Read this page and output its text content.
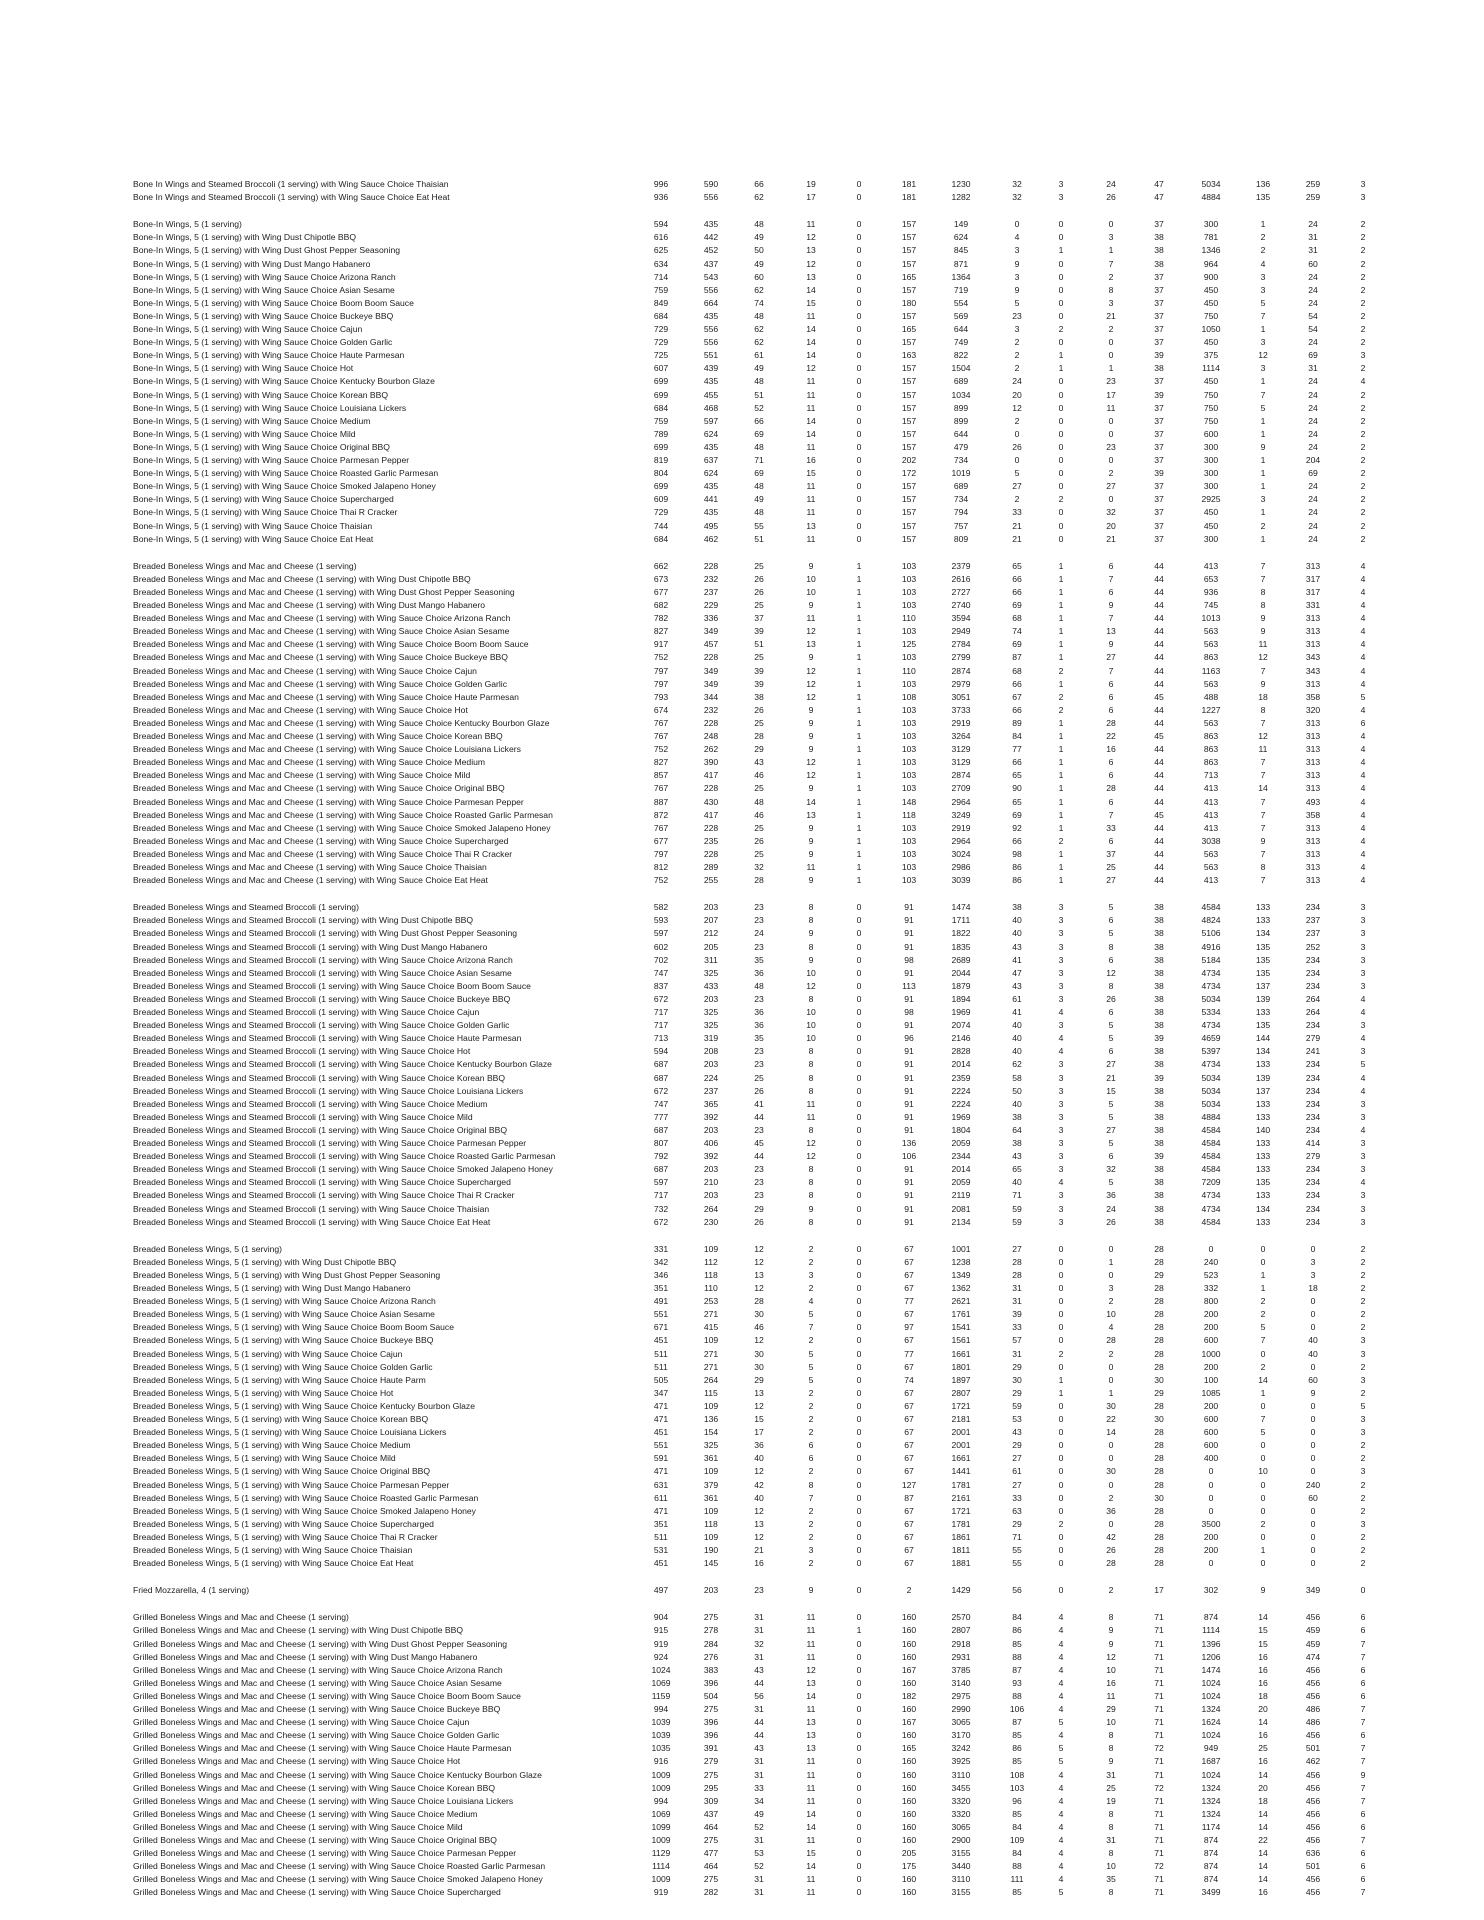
Bone In Wings and Steamed Broccoli (1 serving) with Wing Sauce Choice Thaisian	996	590	66	19	0	181	1230	32	3	24	47	5034	136	259	3
Bone In Wings and Steamed Broccoli (1 serving) with Wing Sauce Choice Eat Heat	936	556	62	17	0	181	1282	32	3	26	47	4884	135	259	3
Bone-In Wings, 5 (1 serving)	594	435	48	11	0	157	149	0	0	0	37	300	1	24	2
Bone-In Wings, 5 (1 serving) with Wing Dust Chipotle BBQ	616	442	49	12	0	157	624	4	0	3	38	781	2	31	2
Bone-In Wings, 5 (1 serving) with Wing Dust Ghost Pepper Seasoning	625	452	50	13	0	157	845	3	1	1	38	1346	2	31	2
Bone-In Wings, 5 (1 serving) with Wing Dust Mango Habanero	634	437	49	12	0	157	871	9	0	7	38	964	4	60	2
Bone-In Wings, 5 (1 serving) with Wing Sauce Choice Arizona Ranch	714	543	60	13	0	165	1364	3	0	2	37	900	3	24	2
Bone-In Wings, 5 (1 serving) with Wing Sauce Choice Asian Sesame	759	556	62	14	0	157	719	9	0	8	37	450	3	24	2
Bone-In Wings, 5 (1 serving) with Wing Sauce Choice Boom Boom Sauce	849	664	74	15	0	180	554	5	0	3	37	450	5	24	2
Bone-In Wings, 5 (1 serving) with Wing Sauce Choice Buckeye BBQ	684	435	48	11	0	157	569	23	0	21	37	750	7	54	2
Bone-In Wings, 5 (1 serving) with Wing Sauce Choice Cajun	729	556	62	14	0	165	644	3	2	2	37	1050	1	54	2
Bone-In Wings, 5 (1 serving) with Wing Sauce Choice Golden Garlic	729	556	62	14	0	157	749	2	0	0	37	450	3	24	2
Bone-In Wings, 5 (1 serving) with Wing Sauce Choice Haute Parmesan	725	551	61	14	0	163	822	2	1	0	39	375	12	69	3
Bone-In Wings, 5 (1 serving) with Wing Sauce Choice Hot	607	439	49	12	0	157	1504	2	1	1	38	1114	3	31	2
Bone-In Wings, 5 (1 serving) with Wing Sauce Choice Kentucky Bourbon Glaze	699	435	48	11	0	157	689	24	0	23	37	450	1	24	4
Bone-In Wings, 5 (1 serving) with Wing Sauce Choice Korean BBQ	699	455	51	11	0	157	1034	20	0	17	39	750	7	24	2
Bone-In Wings, 5 (1 serving) with Wing Sauce Choice Louisiana Lickers	684	468	52	11	0	157	899	12	0	11	37	750	5	24	2
Bone-In Wings, 5 (1 serving) with Wing Sauce Choice Medium	759	597	66	14	0	157	899	2	0	0	37	750	1	24	2
Bone-In Wings, 5 (1 serving) with Wing Sauce Choice Mild	789	624	69	14	0	157	644	0	0	0	37	600	1	24	2
Bone-In Wings, 5 (1 serving) with Wing Sauce Choice Original BBQ	699	435	48	11	0	157	479	26	0	23	37	300	9	24	2
Bone-In Wings, 5 (1 serving) with Wing Sauce Choice Parmesan Pepper	819	637	71	16	0	202	734	0	0	0	37	300	1	204	2
Bone-In Wings, 5 (1 serving) with Wing Sauce Choice Roasted Garlic Parmesan	804	624	69	15	0	172	1019	5	0	2	39	300	1	69	2
Bone-In Wings, 5 (1 serving) with Wing Sauce Choice Smoked Jalapeno Honey	699	435	48	11	0	157	689	27	0	27	37	300	1	24	2
Bone-In Wings, 5 (1 serving) with Wing Sauce Choice Supercharged	609	441	49	11	0	157	734	2	2	0	37	2925	3	24	2
Bone-In Wings, 5 (1 serving) with Wing Sauce Choice Thai R Cracker	729	435	48	11	0	157	794	33	0	32	37	450	1	24	2
Bone-In Wings, 5 (1 serving) with Wing Sauce Choice Thaisian	744	495	55	13	0	157	757	21	0	20	37	450	2	24	2
Bone-In Wings, 5 (1 serving) with Wing Sauce Choice Eat Heat	684	462	51	11	0	157	809	21	0	21	37	300	1	24	2
Breaded Boneless Wings and Mac and Cheese (1 serving)	662	228	25	9	1	103	2379	65	1	6	44	413	7	313	4
Breaded Boneless Wings and Mac and Cheese (1 serving) with Wing Dust Chipotle BBQ	673	232	26	10	1	103	2616	66	1	7	44	653	7	317	4
Breaded Boneless Wings and Mac and Cheese (1 serving) with Wing Dust Ghost Pepper Seasoning	677	237	26	10	1	103	2727	66	1	6	44	936	8	317	4
Breaded Boneless Wings and Mac and Cheese (1 serving) with Wing Dust Mango Habanero	682	229	25	9	1	103	2740	69	1	9	44	745	8	331	4
Breaded Boneless Wings and Mac and Cheese (1 serving) with Wing Sauce Choice Arizona Ranch	782	336	37	11	1	110	3594	68	1	7	44	1013	9	313	4
Breaded Boneless Wings and Mac and Cheese (1 serving) with Wing Sauce Choice Asian Sesame	827	349	39	12	1	103	2949	74	1	13	44	563	9	313	4
Breaded Boneless Wings and Mac and Cheese (1 serving) with Wing Sauce Choice Boom Boom Sauce	917	457	51	13	1	125	2784	69	1	9	44	563	11	313	4
Breaded Boneless Wings and Mac and Cheese (1 serving) with Wing Sauce Choice Buckeye BBQ	752	228	25	9	1	103	2799	87	1	27	44	863	12	343	4
Breaded Boneless Wings and Mac and Cheese (1 serving) with Wing Sauce Choice Cajun	797	349	39	12	1	110	2874	68	2	7	44	1163	7	343	4
Breaded Boneless Wings and Mac and Cheese (1 serving) with Wing Sauce Choice Golden Garlic	797	349	39	12	1	103	2979	66	1	6	44	563	9	313	4
Breaded Boneless Wings and Mac and Cheese (1 serving) with Wing Sauce Choice Haute Parmesan	793	344	38	12	1	108	3051	67	2	6	45	488	18	358	5
Breaded Boneless Wings and Mac and Cheese (1 serving) with Wing Sauce Choice Hot	674	232	26	9	1	103	3733	66	2	6	44	1227	8	320	4
Breaded Boneless Wings and Mac and Cheese (1 serving) with Wing Sauce Choice Kentucky Bourbon Glaze	767	228	25	9	1	103	2919	89	1	28	44	563	7	313	6
Breaded Boneless Wings and Mac and Cheese (1 serving) with Wing Sauce Choice Korean BBQ	767	248	28	9	1	103	3264	84	1	22	45	863	12	313	4
Breaded Boneless Wings and Mac and Cheese (1 serving) with Wing Sauce Choice Louisiana Lickers	752	262	29	9	1	103	3129	77	1	16	44	863	11	313	4
Breaded Boneless Wings and Mac and Cheese (1 serving) with Wing Sauce Choice Medium	827	390	43	12	1	103	3129	66	1	6	44	863	7	313	4
Breaded Boneless Wings and Mac and Cheese (1 serving) with Wing Sauce Choice Mild	857	417	46	12	1	103	2874	65	1	6	44	713	7	313	4
Breaded Boneless Wings and Mac and Cheese (1 serving) with Wing Sauce Choice Original BBQ	767	228	25	9	1	103	2709	90	1	28	44	413	14	313	4
Breaded Boneless Wings and Mac and Cheese (1 serving) with Wing Sauce Choice Parmesan Pepper	887	430	48	14	1	148	2964	65	1	6	44	413	7	493	4
Breaded Boneless Wings and Mac and Cheese (1 serving) with Wing Sauce Choice Roasted Garlic Parmesan	872	417	46	13	1	118	3249	69	1	7	45	413	7	358	4
Breaded Boneless Wings and Mac and Cheese (1 serving) with Wing Sauce Choice Smoked Jalapeno Honey	767	228	25	9	1	103	2919	92	1	33	44	413	7	313	4
Breaded Boneless Wings and Mac and Cheese (1 serving) with Wing Sauce Choice Supercharged	677	235	26	9	1	103	2964	66	2	6	44	3038	9	313	4
Breaded Boneless Wings and Mac and Cheese (1 serving) with Wing Sauce Choice Thai R Cracker	797	228	25	9	1	103	3024	98	1	37	44	563	7	313	4
Breaded Boneless Wings and Mac and Cheese (1 serving) with Wing Sauce Choice Thaisian	812	289	32	11	1	103	2986	86	1	25	44	563	8	313	4
Breaded Boneless Wings and Mac and Cheese (1 serving) with Wing Sauce Choice Eat Heat	752	255	28	9	1	103	3039	86	1	27	44	413	7	313	4
Breaded Boneless Wings and Steamed Broccoli (1 serving)	582	203	23	8	0	91	1474	38	3	5	38	4584	133	234	3
Breaded Boneless Wings and Steamed Broccoli (1 serving) with Wing Dust Chipotle BBQ	593	207	23	8	0	91	1711	40	3	6	38	4824	133	237	3
Breaded Boneless Wings and Steamed Broccoli (1 serving) with Wing Dust Ghost Pepper Seasoning	597	212	24	9	0	91	1822	40	3	5	38	5106	134	237	3
Breaded Boneless Wings and Steamed Broccoli (1 serving) with Wing Dust Mango Habanero	602	205	23	8	0	91	1835	43	3	8	38	4916	135	252	3
Breaded Boneless Wings and Steamed Broccoli (1 serving) with Wing Sauce Choice Arizona Ranch	702	311	35	9	0	98	2689	41	3	6	38	5184	135	234	3
Breaded Boneless Wings and Steamed Broccoli (1 serving) with Wing Sauce Choice Asian Sesame	747	325	36	10	0	91	2044	47	3	12	38	4734	135	234	3
Breaded Boneless Wings and Steamed Broccoli (1 serving) with Wing Sauce Choice Boom Boom Sauce	837	433	48	12	0	113	1879	43	3	8	38	4734	137	234	3
Breaded Boneless Wings and Steamed Broccoli (1 serving) with Wing Sauce Choice Buckeye BBQ	672	203	23	8	0	91	1894	61	3	26	38	5034	139	264	4
Breaded Boneless Wings and Steamed Broccoli (1 serving) with Wing Sauce Choice Cajun	717	325	36	10	0	98	1969	41	4	6	38	5334	133	264	4
Breaded Boneless Wings and Steamed Broccoli (1 serving) with Wing Sauce Choice Golden Garlic	717	325	36	10	0	91	2074	40	3	5	38	4734	135	234	3
Breaded Boneless Wings and Steamed Broccoli (1 serving) with Wing Sauce Choice Haute Parmesan	713	319	35	10	0	96	2146	40	4	5	39	4659	144	279	4
Breaded Boneless Wings and Steamed Broccoli (1 serving) with Wing Sauce Choice Hot	594	208	23	8	0	91	2828	40	4	6	38	5397	134	241	3
Breaded Boneless Wings and Steamed Broccoli (1 serving) with Wing Sauce Choice Kentucky Bourbon Glaze	687	203	23	8	0	91	2014	62	3	27	38	4734	133	234	5
Breaded Boneless Wings and Steamed Broccoli (1 serving) with Wing Sauce Choice Korean BBQ	687	224	25	8	0	91	2359	58	3	21	39	5034	139	234	4
Breaded Boneless Wings and Steamed Broccoli (1 serving) with Wing Sauce Choice Louisiana Lickers	672	237	26	8	0	91	2224	50	3	15	38	5034	137	234	4
Breaded Boneless Wings and Steamed Broccoli (1 serving) with Wing Sauce Choice Medium	747	365	41	11	0	91	2224	40	3	5	38	5034	133	234	3
Breaded Boneless Wings and Steamed Broccoli (1 serving) with Wing Sauce Choice Mild	777	392	44	11	0	91	1969	38	3	5	38	4884	133	234	3
Breaded Boneless Wings and Steamed Broccoli (1 serving) with Wing Sauce Choice Original BBQ	687	203	23	8	0	91	1804	64	3	27	38	4584	140	234	4
Breaded Boneless Wings and Steamed Broccoli (1 serving) with Wing Sauce Choice Parmesan Pepper	807	406	45	12	0	136	2059	38	3	5	38	4584	133	414	3
Breaded Boneless Wings and Steamed Broccoli (1 serving) with Wing Sauce Choice Roasted Garlic Parmesan	792	392	44	12	0	106	2344	43	3	6	39	4584	133	279	3
Breaded Boneless Wings and Steamed Broccoli (1 serving) with Wing Sauce Choice Smoked Jalapeno Honey	687	203	23	8	0	91	2014	65	3	32	38	4584	133	234	3
Breaded Boneless Wings and Steamed Broccoli (1 serving) with Wing Sauce Choice Supercharged	597	210	23	8	0	91	2059	40	4	5	38	7209	135	234	4
Breaded Boneless Wings and Steamed Broccoli (1 serving) with Wing Sauce Choice Thai R Cracker	717	203	23	8	0	91	2119	71	3	36	38	4734	133	234	3
Breaded Boneless Wings and Steamed Broccoli (1 serving) with Wing Sauce Choice Thaisian	732	264	29	9	0	91	2081	59	3	24	38	4734	134	234	3
Breaded Boneless Wings and Steamed Broccoli (1 serving) with Wing Sauce Choice Eat Heat	672	230	26	8	0	91	2134	59	3	26	38	4584	133	234	3
Breaded Boneless Wings, 5 (1 serving)	331	109	12	2	0	67	1001	27	0	0	28	0	0	0	2
Breaded Boneless Wings, 5 (1 serving) with Wing Dust Chipotle BBQ	342	112	12	2	0	67	1238	28	0	1	28	240	0	3	2
Breaded Boneless Wings, 5 (1 serving) with Wing Dust Ghost Pepper Seasoning	346	118	13	3	0	67	1349	28	0	0	29	523	1	3	2
Breaded Boneless Wings, 5 (1 serving) with Wing Dust Mango Habanero	351	110	12	2	0	67	1362	31	0	3	28	332	1	18	2
Breaded Boneless Wings, 5 (1 serving) with Wing Sauce Choice Arizona Ranch	491	253	28	4	0	77	2621	31	0	2	28	800	2	0	2
Breaded Boneless Wings, 5 (1 serving) with Wing Sauce Choice Asian Sesame	551	271	30	5	0	67	1761	39	0	10	28	200	2	0	2
Breaded Boneless Wings, 5 (1 serving) with Wing Sauce Choice Boom Boom Sauce	671	415	46	7	0	97	1541	33	0	4	28	200	5	0	2
Breaded Boneless Wings, 5 (1 serving) with Wing Sauce Choice Buckeye BBQ	451	109	12	2	0	67	1561	57	0	28	28	600	7	40	3
Breaded Boneless Wings, 5 (1 serving) with Wing Sauce Choice Cajun	511	271	30	5	0	77	1661	31	2	2	28	1000	0	40	3
Breaded Boneless Wings, 5 (1 serving) with Wing Sauce Choice Golden Garlic	511	271	30	5	0	67	1801	29	0	0	28	200	2	0	2
Breaded Boneless Wings, 5 (1 serving) with Wing Sauce Choice Haute Parm	505	264	29	5	0	74	1897	30	1	0	30	100	14	60	3
Breaded Boneless Wings, 5 (1 serving) with Wing Sauce Choice Hot	347	115	13	2	0	67	2807	29	1	1	29	1085	1	9	2
Breaded Boneless Wings, 5 (1 serving) with Wing Sauce Choice Kentucky Bourbon Glaze	471	109	12	2	0	67	1721	59	0	30	28	200	0	0	5
Breaded Boneless Wings, 5 (1 serving) with Wing Sauce Choice Korean BBQ	471	136	15	2	0	67	2181	53	0	22	30	600	7	0	3
Breaded Boneless Wings, 5 (1 serving) with Wing Sauce Choice Louisiana Lickers	451	154	17	2	0	67	2001	43	0	14	28	600	5	0	3
Breaded Boneless Wings, 5 (1 serving) with Wing Sauce Choice Medium	551	325	36	6	0	67	2001	29	0	0	28	600	0	0	2
Breaded Boneless Wings, 5 (1 serving) with Wing Sauce Choice Mild	591	361	40	6	0	67	1661	27	0	0	28	400	0	0	2
Breaded Boneless Wings, 5 (1 serving) with Wing Sauce Choice Original BBQ	471	109	12	2	0	67	1441	61	0	30	28	0	10	0	3
Breaded Boneless Wings, 5 (1 serving) with Wing Sauce Choice Parmesan Pepper	631	379	42	8	0	127	1781	27	0	0	28	0	0	240	2
Breaded Boneless Wings, 5 (1 serving) with Wing Sauce Choice Roasted Garlic Parmesan	611	361	40	7	0	87	2161	33	0	2	30	0	0	60	2
Breaded Boneless Wings, 5 (1 serving) with Wing Sauce Choice Smoked Jalapeno Honey	471	109	12	2	0	67	1721	63	0	36	28	0	0	0	2
Breaded Boneless Wings, 5 (1 serving) with Wing Sauce Choice Supercharged	351	118	13	2	0	67	1781	29	2	0	28	3500	2	0	3
Breaded Boneless Wings, 5 (1 serving) with Wing Sauce Choice Thai R Cracker	511	109	12	2	0	67	1861	71	0	42	28	200	0	0	2
Breaded Boneless Wings, 5 (1 serving) with Wing Sauce Choice Thaisian	531	190	21	3	0	67	1811	55	0	26	28	200	1	0	2
Breaded Boneless Wings, 5 (1 serving) with Wing Sauce Choice Eat Heat	451	145	16	2	0	67	1881	55	0	28	28	0	0	0	2
Fried Mozzarella, 4 (1 serving)	497	203	23	9	0	2	1429	56	0	2	17	302	9	349	0
Grilled Boneless Wings and Mac and Cheese (1 serving)	904	275	31	11	0	160	2570	84	4	8	71	874	14	456	6
Grilled Boneless Wings and Mac and Cheese (1 serving) with Wing Dust Chipotle BBQ	915	278	31	11	1	160	2807	86	4	9	71	1114	15	459	6
Grilled Boneless Wings and Mac and Cheese (1 serving) with Wing Dust Ghost Pepper Seasoning	919	284	32	11	0	160	2918	85	4	9	71	1396	15	459	7
Grilled Boneless Wings and Mac and Cheese (1 serving) with Wing Dust Mango Habanero	924	276	31	11	0	160	2931	88	4	12	71	1206	16	474	7
Grilled Boneless Wings and Mac and Cheese (1 serving) with Wing Sauce Choice Arizona Ranch	1024	383	43	12	0	167	3785	87	4	10	71	1474	16	456	6
Grilled Boneless Wings and Mac and Cheese (1 serving) with Wing Sauce Choice Asian Sesame	1069	396	44	13	0	160	3140	93	4	16	71	1024	16	456	6
Grilled Boneless Wings and Mac and Cheese (1 serving) with Wing Sauce Choice Boom Boom Sauce	1159	504	56	14	0	182	2975	88	4	11	71	1024	18	456	6
Grilled Boneless Wings and Mac and Cheese (1 serving) with Wing Sauce Choice Buckeye BBQ	994	275	31	11	0	160	2990	106	4	29	71	1324	20	486	7
Grilled Boneless Wings and Mac and Cheese (1 serving) with Wing Sauce Choice Cajun	1039	396	44	13	0	167	3065	87	5	10	71	1624	14	486	7
Grilled Boneless Wings and Mac and Cheese (1 serving) with Wing Sauce Choice Golden Garlic	1039	396	44	13	0	160	3170	85	4	8	71	1024	16	456	6
Grilled Boneless Wings and Mac and Cheese (1 serving) with Wing Sauce Choice Haute Parmesan	1035	391	43	13	0	165	3242	86	5	8	72	949	25	501	7
Grilled Boneless Wings and Mac and Cheese (1 serving) with Wing Sauce Choice Hot	916	279	31	11	0	160	3925	85	5	9	71	1687	16	462	7
Grilled Boneless Wings and Mac and Cheese (1 serving) with Wing Sauce Choice Kentucky Bourbon Glaze	1009	275	31	11	0	160	3110	108	4	31	71	1024	14	456	9
Grilled Boneless Wings and Mac and Cheese (1 serving) with Wing Sauce Choice Korean BBQ	1009	295	33	11	0	160	3455	103	4	25	72	1324	20	456	7
Grilled Boneless Wings and Mac and Cheese (1 serving) with Wing Sauce Choice Louisiana Lickers	994	309	34	11	0	160	3320	96	4	19	71	1324	18	456	7
Grilled Boneless Wings and Mac and Cheese (1 serving) with Wing Sauce Choice Medium	1069	437	49	14	0	160	3320	85	4	8	71	1324	14	456	6
Grilled Boneless Wings and Mac and Cheese (1 serving) with Wing Sauce Choice Mild	1099	464	52	14	0	160	3065	84	4	8	71	1174	14	456	6
Grilled Boneless Wings and Mac and Cheese (1 serving) with Wing Sauce Choice Original BBQ	1009	275	31	11	0	160	2900	109	4	31	71	874	22	456	7
Grilled Boneless Wings and Mac and Cheese (1 serving) with Wing Sauce Choice Parmesan Pepper	1129	477	53	15	0	205	3155	84	4	8	71	874	14	636	6
Grilled Boneless Wings and Mac and Cheese (1 serving) with Wing Sauce Choice Roasted Garlic Parmesan	1114	464	52	14	0	175	3440	88	4	10	72	874	14	501	6
Grilled Boneless Wings and Mac and Cheese (1 serving) with Wing Sauce Choice Smoked Jalapeno Honey	1009	275	31	11	0	160	3110	111	4	35	71	874	14	456	6
Grilled Boneless Wings and Mac and Cheese (1 serving) with Wing Sauce Choice Supercharged	919	282	31	11	0	160	3155	85	5	8	71	3499	16	456	7
